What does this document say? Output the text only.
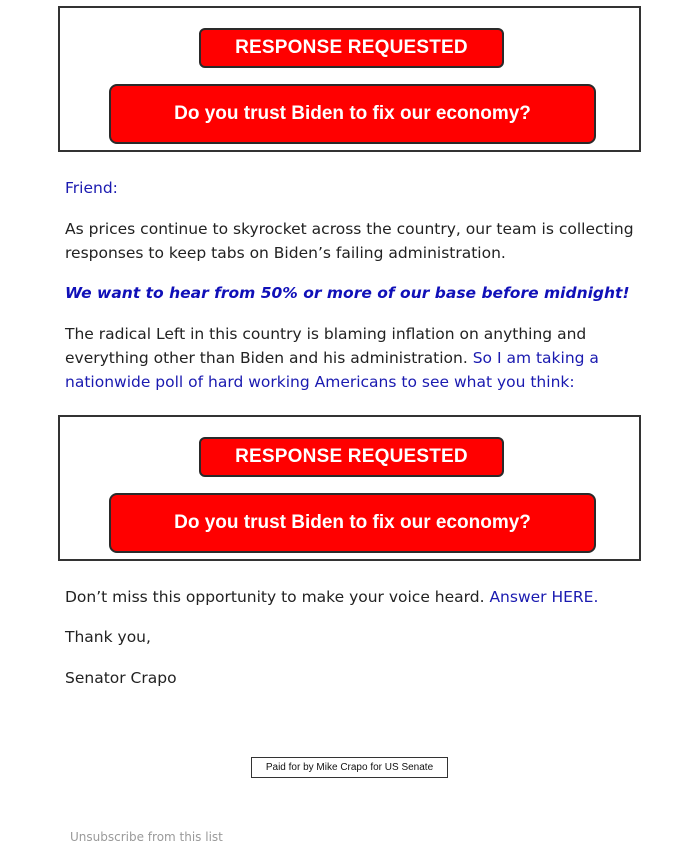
RESPONSE REQUESTED
Do you trust Biden to fix our economy?
Friend:
As prices continue to skyrocket across the country, our team is collecting responses to keep tabs on Biden’s failing administration.
We want to hear from 50% or more of our base before midnight!
The radical Left in this country is blaming inflation on anything and everything other than Biden and his administration. So I am taking a nationwide poll of hard working Americans to see what you think:
RESPONSE REQUESTED
Do you trust Biden to fix our economy?
Don’t miss this opportunity to make your voice heard. Answer HERE.
Thank you,
Senator Crapo
Paid for by Mike Crapo for US Senate
Unsubscribe from this list
